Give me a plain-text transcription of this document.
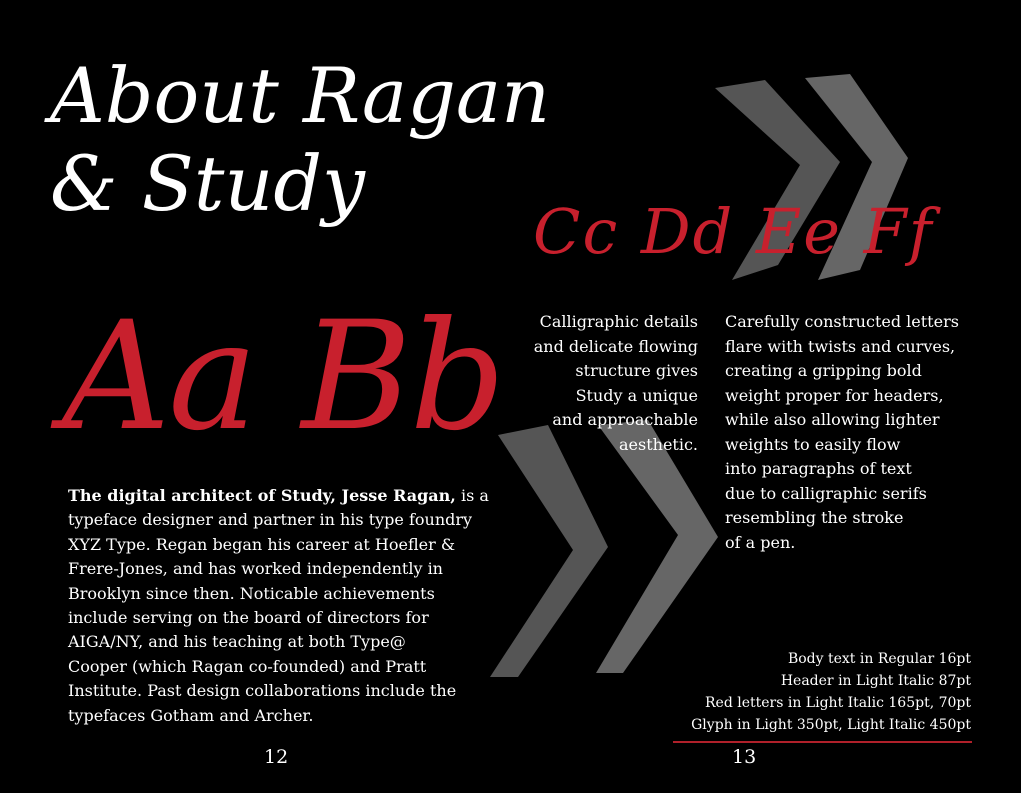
About Ragan
& Study
Cc Dd Ee Ff
Aa Bb
The digital architect of Study, Jesse Ragan, is a
typeface designer and partner in his type foundry
XYZ Type. Regan began his career at Hoefler &
Frere-Jones, and has worked independently in
Brooklyn since then. Noticable achievements
include serving on the board of directors for
AIGA/NY, and his teaching at both Type@
Cooper (which Ragan co-founded) and Pratt
Institute. Past design collaborations include the
typefaces Gotham and Archer.
Calligraphic details
and delicate flowing
structure gives
Study a unique
and approachable
aesthetic.
Carefully constructed letters
flare with twists and curves,
creating a gripping bold
weight proper for headers,
while also allowing lighter
weights to easily flow
into paragraphs of text
due to calligraphic serifs
resembling the stroke
of a pen.
Body text in Regular 16pt
Header in Light Italic 87pt
Red letters in Light Italic 165pt, 70pt
Glyph in Light 350pt, Light Italic 450pt
12	13
